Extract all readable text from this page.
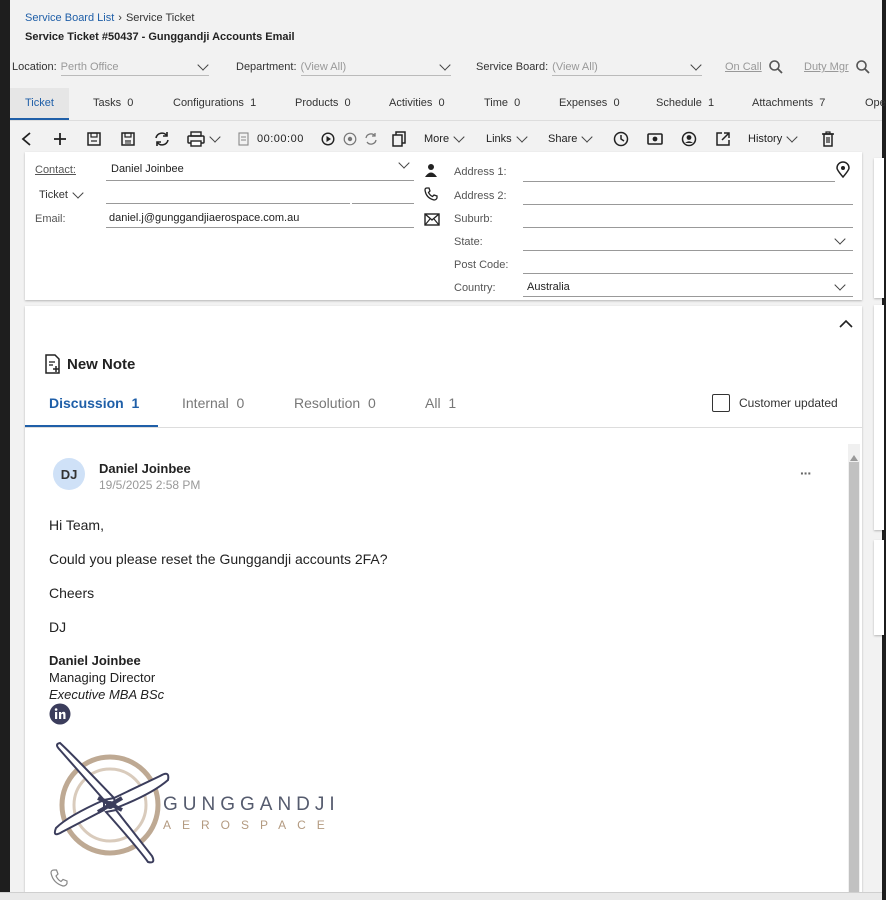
Service Board List › Service Ticket
Service Ticket #50437 - Gunggandji Accounts Email
Location: Perth Office	Department: (View All)	Service Board: (View All)	On Call	Duty Mgr
Ticket	Tasks
0	Configurations
1	Products
0	Activities
0	Time
0	Expenses
0	Schedule
1	Attachments
7	Ope
00:00:00	More	Links	Share	History
Contact:	Daniel Joinbee
Ticket
Email:	daniel.j@gunggandjiaerospace.com.au
Address 1:
Address 2:
Suburb:
State:
Post Code:
Country:	Australia
New Note
Discussion 1	Internal 0	Resolution 0	All 1	Customer updated
DJ	Daniel Joinbee
19/5/2025 2:58 PM
···
Hi Team,
Could you please reset the Gunggandji accounts 2FA?
Cheers
DJ
Daniel Joinbee
Managing Director
Executive MBA BSc
GUNGGANDJI
AEROSPACE
